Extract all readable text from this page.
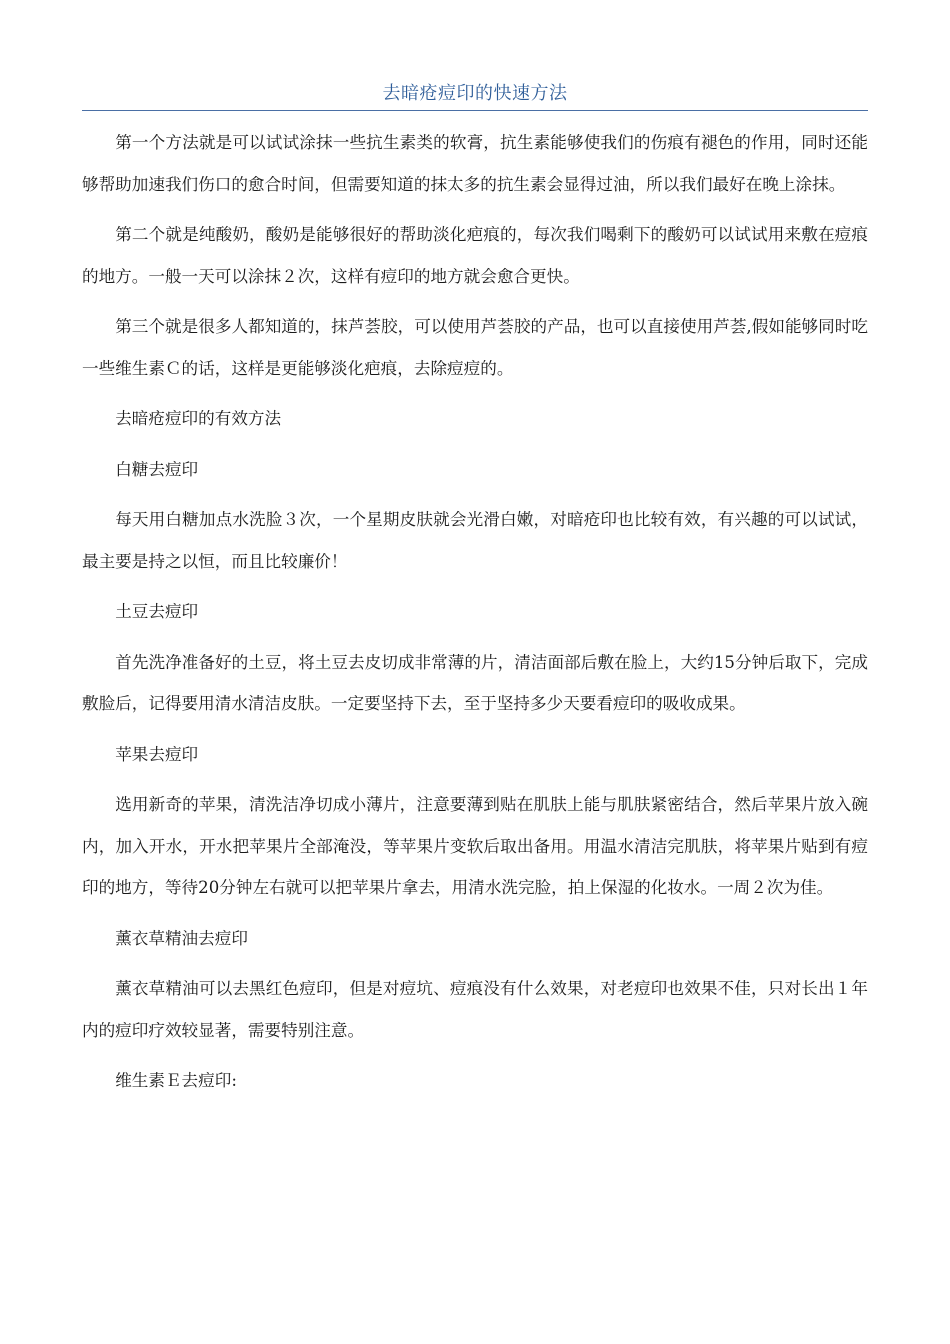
去暗疮痘印的快速方法

第一个方法就是可以试试涂抹一些抗生素类的软膏，抗生素能够使我们的伤痕有褪色的作用，同时还能够帮助加速我们伤口的愈合时间，但需要知道的抹太多的抗生素会显得过油，所以我们最好在晚上涂抹。

第二个就是纯酸奶，酸奶是能够很好的帮助淡化疤痕的，每次我们喝剩下的酸奶可以试试用来敷在痘痕的地方。一般一天可以涂抹２次，这样有痘印的地方就会愈合更快。

第三个就是很多人都知道的，抹芦荟胶，可以使用芦荟胶的产品，也可以直接使用芦荟,假如能够同时吃一些维生素Ｃ的话，这样是更能够淡化疤痕，去除痘痘的。

去暗疮痘印的有效方法

白糖去痘印

每天用白糖加点水洗脸３次，一个星期皮肤就会光滑白嫩，对暗疮印也比较有效，有兴趣的可以试试，最主要是持之以恒，而且比较廉价！

土豆去痘印

首先洗净准备好的土豆，将土豆去皮切成非常薄的片，清洁面部后敷在脸上，大约15分钟后取下，完成敷脸后，记得要用清水清洁皮肤。一定要坚持下去，至于坚持多少天要看痘印的吸收成果。

苹果去痘印

选用新奇的苹果，清洗洁净切成小薄片，注意要薄到贴在肌肤上能与肌肤紧密结合，然后苹果片放入碗内，加入开水，开水把苹果片全部淹没，等苹果片变软后取出备用。用温水清洁完肌肤，将苹果片贴到有痘印的地方，等待20分钟左右就可以把苹果片拿去，用清水洗完脸，拍上保湿的化妆水。一周２次为佳。

薰衣草精油去痘印

薰衣草精油可以去黑红色痘印，但是对痘坑、痘痕没有什么效果，对老痘印也效果不佳，只对长出１年内的痘印疗效较显著，需要特别注意。

维生素Ｅ去痘印:
